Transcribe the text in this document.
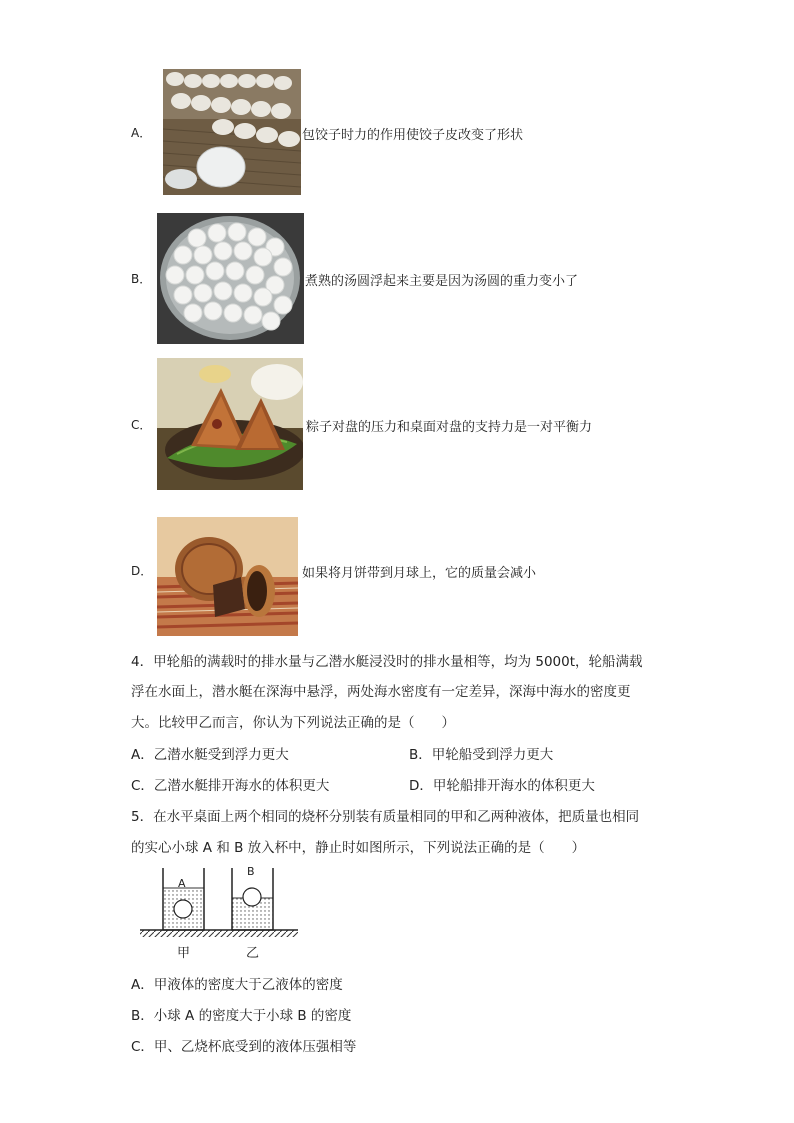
A．	包饺子时力的作用使饺子皮改变了形状
B．	煮熟的汤圆浮起来主要是因为汤圆的重力变小了
C．	粽子对盘的压力和桌面对盘的支持力是一对平衡力
D．	如果将月饼带到月球上，它的质量会减小
4．甲轮船的满载时的排水量与乙潜水艇浸没时的排水量相等，均为 5000t，轮船满载
浮在水面上，潜水艇在深海中悬浮，两处海水密度有一定差异，深海中海水的密度更
大。比较甲乙而言，你认为下列说法正确的是（　　）
A．乙潜水艇受到浮力更大	B．甲轮船受到浮力更大
C．乙潜水艇排开海水的体积更大	D．甲轮船排开海水的体积更大
5．在水平桌面上两个相同的烧杯分别装有质量相同的甲和乙两种液体，把质量也相同
的实心小球 A 和 B 放入杯中，静止时如图所示，下列说法正确的是（　　）
A
B
甲	乙
A．甲液体的密度大于乙液体的密度
B．小球 A 的密度大于小球 B 的密度
C．甲、乙烧杯底受到的液体压强相等
